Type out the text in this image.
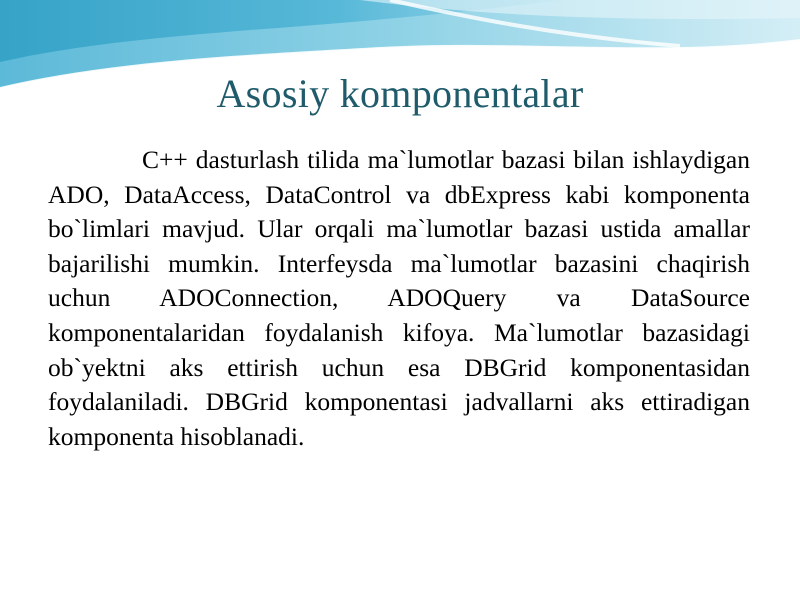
Asosiy komponentalar
C++ dasturlash tilida ma`lumotlar bazasi bilan ishlaydigan ADO, DataAccess, DataControl va dbExpress kabi komponenta bo`limlari mavjud. Ular orqali ma`lumotlar bazasi ustida amallar bajarilishi mumkin. Interfeysda ma`lumotlar bazasini chaqirish uchun ADOConnection, ADOQuery va DataSource komponentalaridan foydalanish kifoya. Ma`lumotlar bazasidagi ob`yektni aks ettirish uchun esa DBGrid komponentasidan foydalaniladi. DBGrid komponentasi jadvallarni aks ettiradigan komponenta hisoblanadi.
